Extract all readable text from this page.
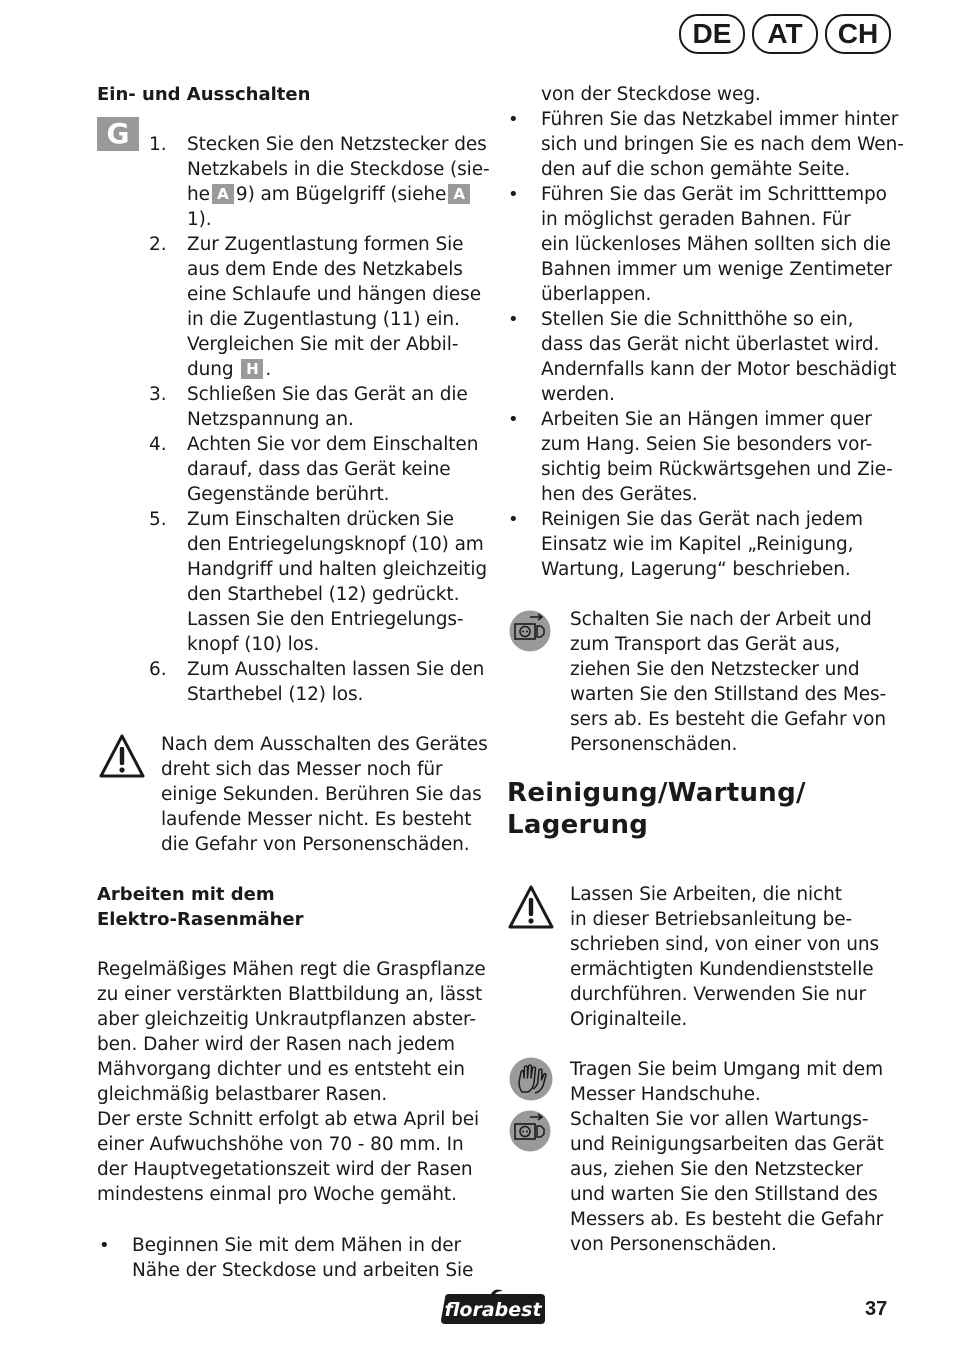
DE	AT	CH
Ein- und Ausschalten
G	1. Stecken Sie den Netzstecker des
Netzkabels in die Steckdose (sie-
he A 9) am Bügelgriff (siehe A
1).
2. Zur Zugentlastung formen Sie
aus dem Ende des Netzkabels
eine Schlaufe und hängen diese
in die Zugentlastung (11) ein.
Vergleichen Sie mit der Abbil-
dung H .
3. Schließen Sie das Gerät an die
Netzspannung an.
4. Achten Sie vor dem Einschalten
darauf, dass das Gerät keine
Gegenstände berührt.
5. Zum Einschalten drücken Sie
den Entriegelungsknopf (10) am
Handgriff und halten gleichzeitig
den Starthebel (12) gedrückt.
Lassen Sie den Entriegelungs-
knopf (10) los.
6. Zum Ausschalten lassen Sie den
Starthebel (12) los.
Nach dem Ausschalten des Gerätes
dreht sich das Messer noch für
einige Sekunden. Berühren Sie das
laufende Messer nicht. Es besteht
die Gefahr von Personenschäden.
Arbeiten mit dem
Elektro-Rasenmäher
Regelmäßiges Mähen regt die Graspflanze
zu einer verstärkten Blattbildung an, lässt
aber gleichzeitig Unkrautpflanzen abster-
ben. Daher wird der Rasen nach jedem
Mähvorgang dichter und es entsteht ein
gleichmäßig belastbarer Rasen.
Der erste Schnitt erfolgt ab etwa April bei
einer Aufwuchshöhe von 70 - 80 mm. In
der Hauptvegetationszeit wird der Rasen
mindestens einmal pro Woche gemäht.
• Beginnen Sie mit dem Mähen in der
Nähe der Steckdose und arbeiten Sie
von der Steckdose weg.
• Führen Sie das Netzkabel immer hinter
sich und bringen Sie es nach dem Wen-
den auf die schon gemähte Seite.
• Führen Sie das Gerät im Schritttempo
in möglichst geraden Bahnen. Für
ein lückenloses Mähen sollten sich die
Bahnen immer um wenige Zentimeter
überlappen.
• Stellen Sie die Schnitthöhe so ein,
dass das Gerät nicht überlastet wird.
Andernfalls kann der Motor beschädigt
werden.
• Arbeiten Sie an Hängen immer quer
zum Hang. Seien Sie besonders vor-
sichtig beim Rückwärtsgehen und Zie-
hen des Gerätes.
• Reinigen Sie das Gerät nach jedem
Einsatz wie im Kapitel „Reinigung,
Wartung, Lagerung“ beschrieben.
Schalten Sie nach der Arbeit und
zum Transport das Gerät aus,
ziehen Sie den Netzstecker und
warten Sie den Stillstand des Mes-
sers ab. Es besteht die Gefahr von
Personenschäden.
Reinigung/Wartung/
Lagerung
Lassen Sie Arbeiten, die nicht
in dieser Betriebsanleitung be-
schrieben sind, von einer von uns
ermächtigten Kundendienststelle
durchführen. Verwenden Sie nur
Originalteile.
Tragen Sie beim Umgang mit dem
Messer Handschuhe.
Schalten Sie vor allen Wartungs-
und Reinigungsarbeiten das Gerät
aus, ziehen Sie den Netzstecker
und warten Sie den Stillstand des
Messers ab. Es besteht die Gefahr
von Personenschäden.
florabest	37
